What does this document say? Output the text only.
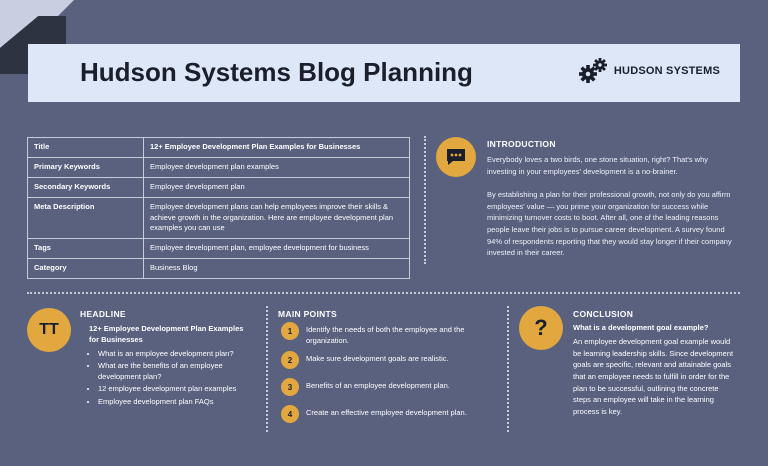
Hudson Systems Blog Planning	HUDSON SYSTEMS
Title	12+ Employee Development Plan Examples for Businesses
Primary Keywords	Employee development plan examples
Secondary Keywords	Employee development plan
Meta Description	Employee development plans can help employees improve their skills & achieve growth in the organization. Here are employee development plan examples you can use
Tags	Employee development plan, employee development for business
Category	Business Blog
INTRODUCTION
Everybody loves a two birds, one stone situation, right? That's why investing in your employees' development is a no-brainer.
By establishing a plan for their professional growth, not only do you affirm employees' value — you prime your organization for success while minimizing turnover costs to boot. After all, one of the leading reasons people leave their jobs is to pursue career development. A survey found 94% of respondents reporting that they would stay longer if their company invested in their career.
TT
HEADLINE
12+ Employee Development Plan Examples for Businesses
• What is an employee development plan?
• What are the benefits of an employee development plan?
• 12 employee development plan examples
• Employee development plan FAQs
MAIN POINTS
1	Identify the needs of both the employee and the organization.
2	Make sure development goals are realistic.
3	Benefits of an employee development plan.
4	Create an effective employee development plan.
?
CONCLUSION
What is a development goal example?
An employee development goal example would be learning leadership skills. Since development goals are specific, relevant and attainable goals that an employee needs to fulfill in order for the plan to be successful, outlining the concrete steps an employee will take in the learning process is key.
